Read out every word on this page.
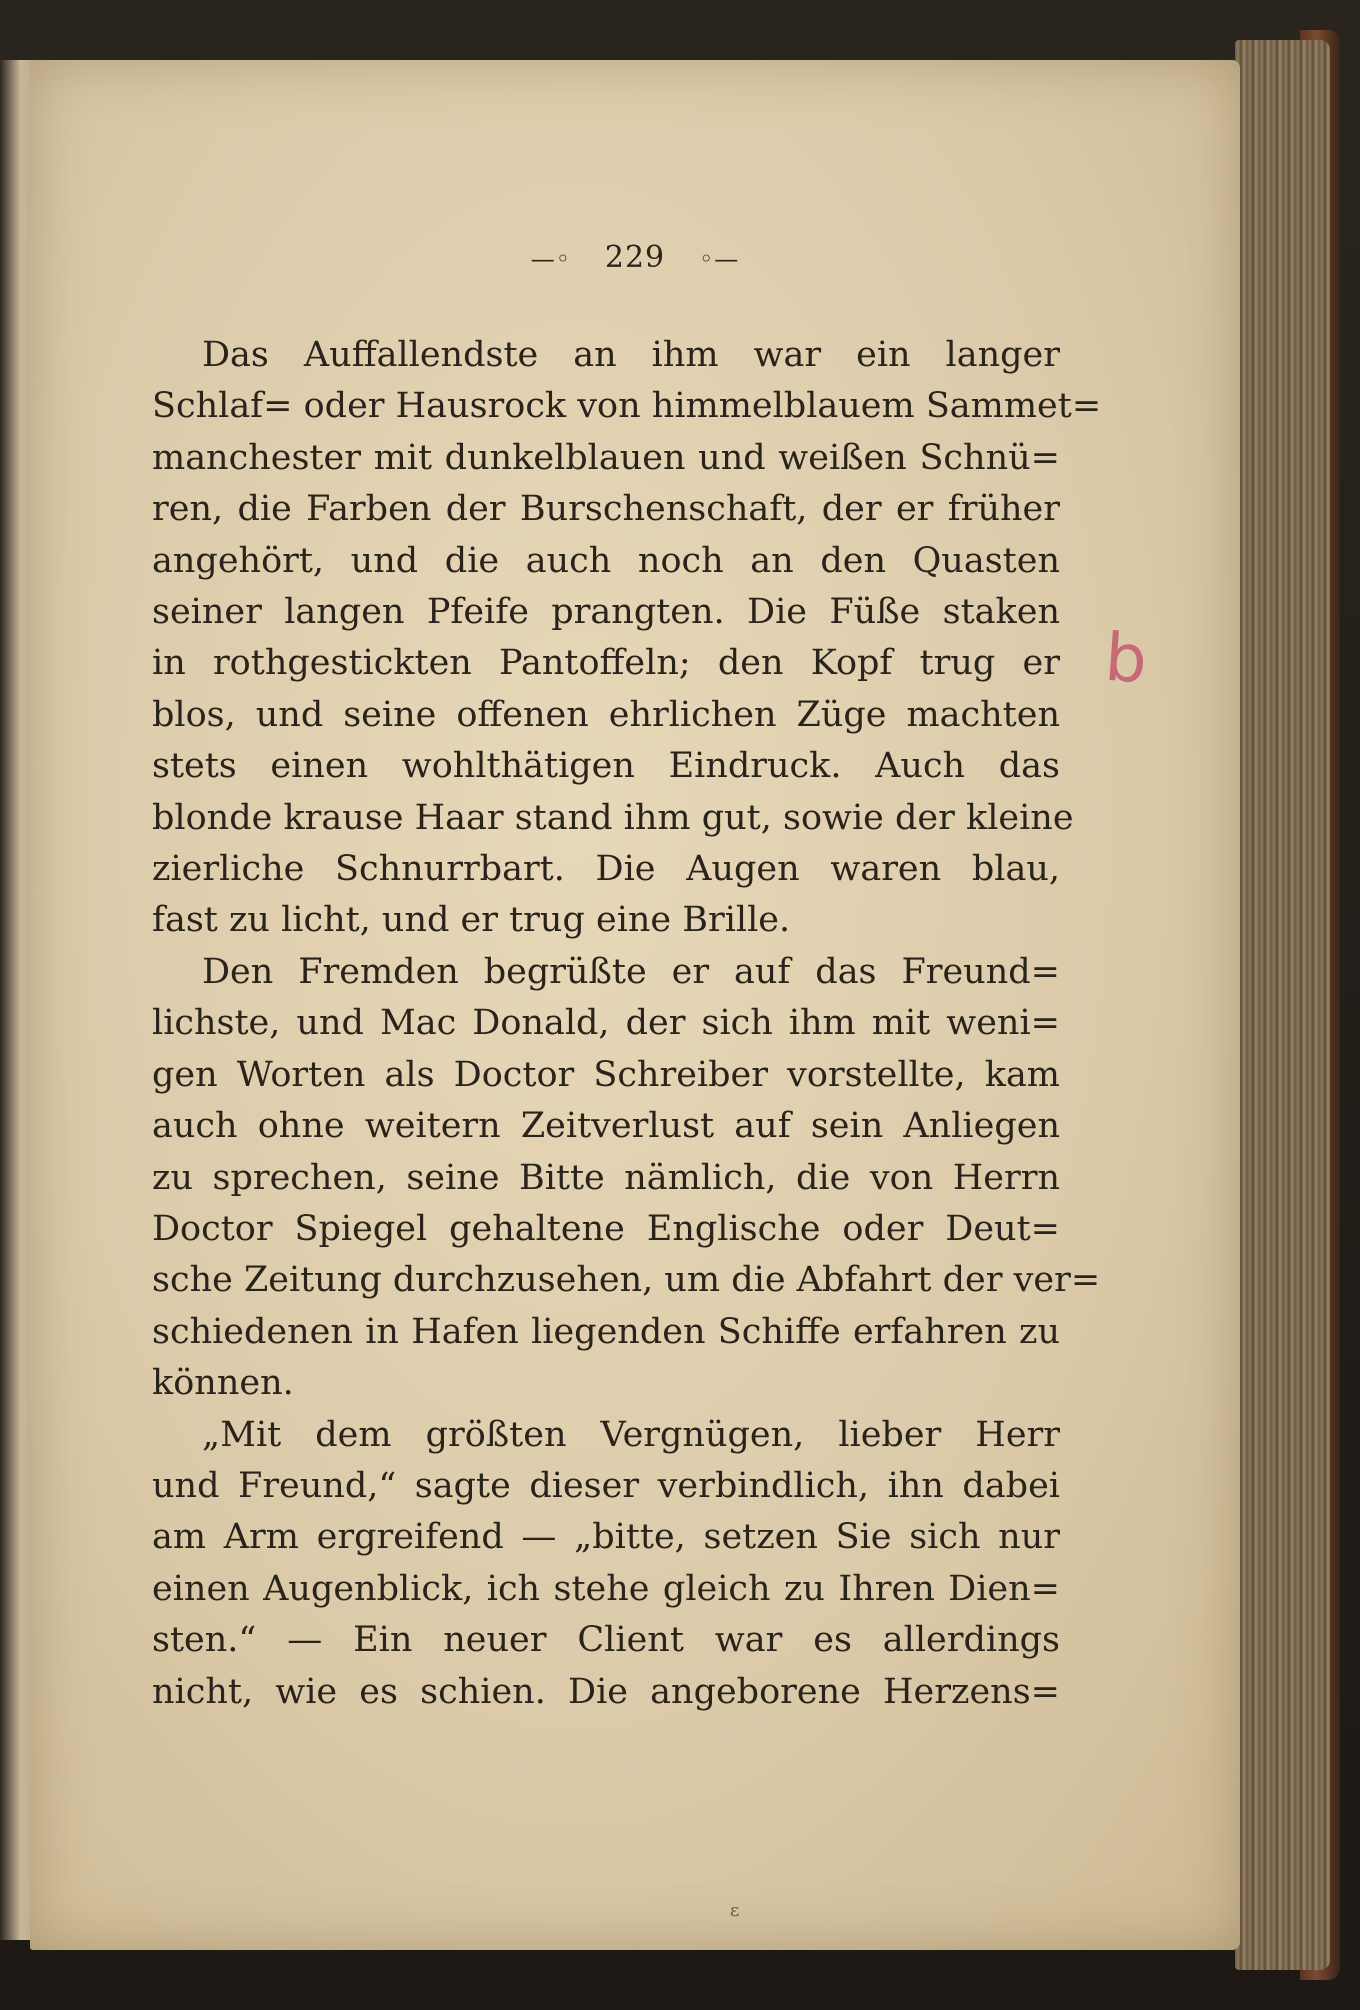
—◦ 229 ◦—
b
ε
Das Auffallendste an ihm war ein langer
Schlaf= oder Hausrock von himmelblauem Sammet=
manchester mit dunkelblauen und weißen Schnü=
ren, die Farben der Burschenschaft, der er früher
angehört, und die auch noch an den Quasten
seiner langen Pfeife prangten. Die Füße staken
in rothgestickten Pantoffeln; den Kopf trug er
blos, und seine offenen ehrlichen Züge machten
stets einen wohlthätigen Eindruck. Auch das
blonde krause Haar stand ihm gut, sowie der kleine
zierliche Schnurrbart. Die Augen waren blau,
fast zu licht, und er trug eine Brille.
Den Fremden begrüßte er auf das Freund=
lichste, und Mac Donald, der sich ihm mit weni=
gen Worten als Doctor Schreiber vorstellte, kam
auch ohne weitern Zeitverlust auf sein Anliegen
zu sprechen, seine Bitte nämlich, die von Herrn
Doctor Spiegel gehaltene Englische oder Deut=
sche Zeitung durchzusehen, um die Abfahrt der ver=
schiedenen in Hafen liegenden Schiffe erfahren zu
können.
„Mit dem größten Vergnügen, lieber Herr
und Freund,“ sagte dieser verbindlich, ihn dabei
am Arm ergreifend — „bitte, setzen Sie sich nur
einen Augenblick, ich stehe gleich zu Ihren Dien=
sten.“ — Ein neuer Client war es allerdings
nicht, wie es schien. Die angeborene Herzens=
